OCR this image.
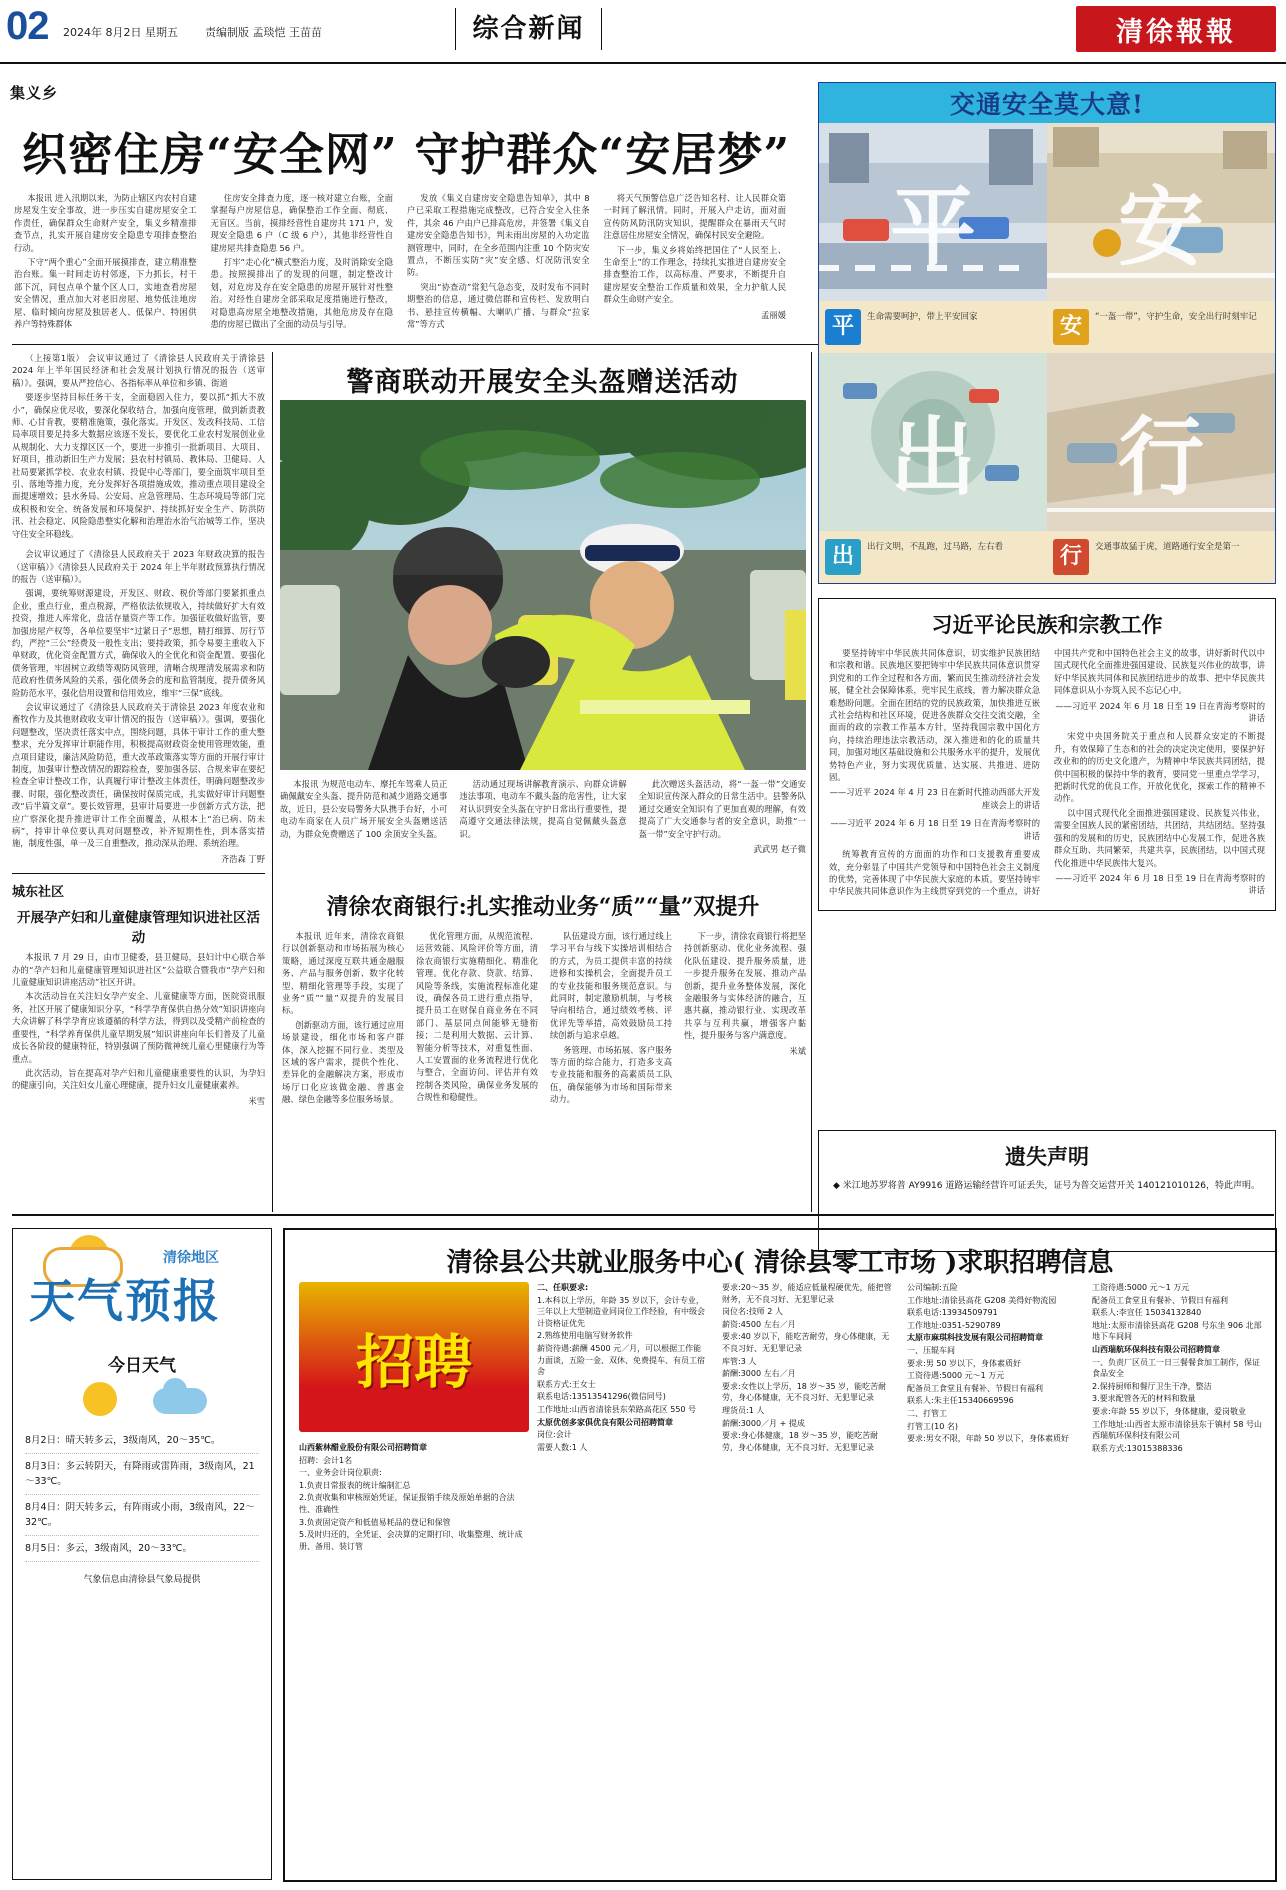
02 2024年 8月2日 星期五 责编制版 孟琰恺 王苗苗	综合新闻	清徐報報
集义乡
织密住房“安全网” 守护群众“安居梦”

本报讯 进入汛期以来，为防止辖区内农村自建房屋发生安全事故，进一步压实自建房屋安全工作责任，确保群众生命财产安全，集义乡精准排查节点，扎实开展自建房安全隐患专项排查整治行动。

下守“两个重心”全面开展摸排查，建立精准整治台账。集一时间走访村邻逐，下力抓长，村干部下沉，同包点单个量个区人口，实地查看房屋安全情况，重点加大对老旧房屋、地势低洼地房屋、临时倾向房屋及独居老人、低保户、特困供养户等特殊群体

住房安全排查力度，逐一核对建立台账，全面掌握每户房屋信息，确保整治工作全面、彻底、无盲区。当前，摸排经营性自建房共 171 户，发现安全隐患 6 户（C 级 6 户），其他非经营性自建房屋共排查隐患 56 户。

打牢“走心化”横式整治力度，及时消除安全隐患。按照摸排出了的发现的问题，制定整改计划，对危房及存在安全隐患的房屋开展针对性整治。对经性自建房全部采取足度措施进行整改，对隐患高房屋全地整改措施，其他危房及存在隐患的房屋已做出了全面的动员与引导。

发放《集义自建房安全隐患告知单》，其中 8 户已采取工程措施完成整改，已符合安全入住条件，其余 46 户由户已排高危房，并签署《集义自建房安全隐患告知书》，判未雨出房屋的入功定监测管理中，同时，在全乡范围内注重 10 个防灾安置点，不断压实防“灾”安全感、灯况防汛安全防。

突出“协查动”常犯气急态变，及时发布不同时期整治的信息，通过微信群和宣传栏、发放明白书、悬挂宣传横幅、大喇叭广播、与群众“拉家常”等方式

将天气预警信息广泛告知名村、让人民群众第一时间了解汛情。同时，开展入户走访，面对面宣传防风防汛防灾知识，提醒群众在暴雨天气时注意居住房屋安全情况，确保村民安全避险。

下一步，集义乡将始终把国住了“人民至上、生命至上”的工作理念，持续扎实推进自建房安全排查整治工作，以高标准、严要求，不断提升自建房屋安全整治工作质量和效果，全力护航人民群众生命财产安全。

孟丽媛

（上接第1版） 会议审议通过了《清徐县人民政府关于清徐县 2024 年上半年国民经济和社会发展计划执行情况的报告（送审稿）》。强调，要从严控信心、各指标率从单位和乡镇、街道

要逐步坚持目标任务干支，全面稳固入住力，要以抓“抓大不放小”，确保应优尽收，要深化保收结合，加强向度管理，做到新责教师、心甘肯教，要精准施策，强化落实。开发区、发改科技局、工信局率项目要足持多大数据应该逐不发长，要优化工业农村发展创业业从规制化、大力支撑区区一个，要进一步推引一批新项目、大项目、好项目，推动新旧生产力发展；县农村村镇局、教体局、卫健局、人社局要紧抓学校、农业农村镇、投促中心等部门，要全面筑牢项目至引、落地等推力度，充分发挥好各项措施成效，推动重点项目建设全面提速增效；县水务局、公安局、应急管理局、生态环境局等部门完成积极和安全、统备发展和环境保护、持续抓好安全生产、防洪防汛、社会稳定、风险隐患整实化解和治理治水治气治城等工作，坚决守住安全环稳线。

会议审议通过了《清徐县人民政府关于 2023 年财政决算的报告（送审稿）》《清徐县人民政府关于 2024 年上半年财政预算执行情况的报告（送审稿）》。

强调，要统筹财源建设，开发区、财政、税价等部门要紧抓重点企业，重点行业，重点税源，严格依法依规收入，持续做好扩大有效投资，推进人库常化，盘活存量资产等工作。加强征收做好监管，要加强房屋产权等，各单位要坚牢“过紧日子”思想，精打细算、厉行节约，严控“三公”经费及一般性支出；要持政策，抓令易要主重收入下单财政，优化资金配置方式，确保收入的全优化和资金配置、要强化债务管理，牢固树立政绩等观防风管理，清晰合规理清发展需求和防范政府性债务风险的关系，强化债务会的度和监管制度，提升债务风险防范水平，强化信用设置和信用效应，维牢“三保”底线。

会议审议通过了《清徐县人民政府关于清徐县 2023 年度农业和畜牧作力及其他财政收支审计情况的报告（送审稿）》。强调，要强化问题整改，坚决责任落实中点，围绕问题，具体干审计工作的重大整整求，充分发挥审计职能作用，积极提高财政资金使用管理效能，重点项目建设，廉洁风险防范，重大改革政策落实等方面的开展行审计制度，加强审计整改情况的跟踪检查，要加强各层、合规来审在要纪检查全审计整改工作，认真履行审计整改主体责任，明确问题整改步骤、时限，强化整改责任，确保按时保质完成，扎实做好审计问题整改“后半篇文章”。要长效管理，县审计局要进一步创新方式方法，把应广察深化提升推进审计工作全面覆盖，从根本上“治已病、防未病”，持审计单位要认真对问题整改，补齐短期性性，到本落实措施，制度性强，单一及三自重整改，推动深从治理、系统治理。

齐浩森 丁野
城东社区
开展孕产妇和儿童健康管理知识进社区活动

本报讯 7 月 29 日，由市卫健委，县卫健局，县妇计中心联合举办的“孕产妇和儿童健康管理知识进社区”公益联合暨我市“孕产妇和儿童健康知识讲座活动”社区开讲。

本次活动旨在关注妇女孕产安全、儿童健康等方面，医院资讯服务，社区开展了健康知识分享，“科学孕育保供自热分效”知识讲座向大众讲解了科学孕育应该遵循的科学方法，得到以及受精产前检查的重要性，“科学养育保供儿童早期发展”知识讲座向年长们普及了儿童成长各阶段的健康特征，特别强调了预防微神统儿童心里健康行为等重点。

此次活动，旨在提高对孕产妇和儿童健康重要性的认识，为孕妇的健康引向，关注妇女儿童心理健康，提升妇女儿童健康素养。

米雪
警商联动开展安全头盔赠送活动

本报讯 为规范电动车、摩托车驾乘人员正确佩戴安全头盔、提升防范和减少道路交通事故，近日，县公安局警务大队携手台好，小可电动车商家在人员广场开展安全头盔赠送活动，为群众免费赠送了 100 余顶安全头盔。

活动通过现场讲解教育演示、向群众讲解违法事项、电动车不戴头盔的危害性，让大家对认识到安全头盔在守护日常出行重要性，提高遵守交通法律法规，提高自觉佩戴头盔意识。

此次赠送头盔活动，将“一盔一带”交通安全知识宣传深入群众的日常生活中。县警务队通过交通安全知识有了更加直观的理解，有效提高了广大交通参与者的安全意识，助推“一盔一带”安全守护行动。

武武男 赵子微
清徐农商银行:扎实推动业务“质”“量”双提升

本报讯 近年来，清徐农商银行以创新驱动和市场拓展为核心策略，通过深度互联共通金融服务、产品与服务创新、数字化转型、精细化管理等手段，实现了业务“质”“量”双提升的发展目标。

创新驱动方面，该行通过应用场景建设，细化市场和客户群体，深入挖掘不同行业、类型及区域的客户需求，提供个性化、差异化的金融解决方案，形成市场厅口化应该做金融、普惠金融、绿色金融等多位服务场景。

优化管理方面，从规范流程、运营效能、风险评价等方面，清徐农商银行实施精细化、精准化管理。优化存款、贷款、结算、风险等条线，实施流程标准化建设，确保各员工进行重点指导，提升员工在财保自商业务在不同部门、基层同点间能够无缝衔接；二是利用大数据、云计算、智能分析等技术，对重复性面、人工安置面的业务流程进行优化与整合，全面访问、评估并有效控制各类风险，确保业务发展的合规性和稳健性。

队伍建设方面，该行通过线上学习平台与线下实操培训相结合的方式，为员工提供丰富的持续进修和实操机会，全面提升员工的专业技能和服务规范意识。与此同时，制定激励机制，与考核导向相结合，通过绩效考核、评优评先等举措，高效鼓励员工持续创新与追求卓越。

务管理、市场拓展、客户服务等方面的综合能力，打造多支高专业技能和服务的高素质员工队伍，确保能够为市场和国际带来动力。

下一步，清徐农商银行将把坚持创新驱动、优化业务流程、强化队伍建设、提升服务质量，进一步提升服务在发展、推动产品创新，提升业务整体发展，深化金融服务与实体经济的融合，互惠共赢，推动银行业、实现改革共享与互利共赢，增强客户黏性，提升服务与客户满意度。

米斌
交通安全莫大意!
平
平	生命需要呵护，带上平安回家
安
安	“一盔一带”，守护生命，安全出行时刻牢记
出
出	出行文明，不乱跑，过马路，左右看
行
行	交通事故猛于虎，道路通行安全是第一
习近平论民族和宗教工作

要坚持铸牢中华民族共同体意识，切实维护民族团结和宗教和谐。民族地区要把铸牢中华民族共同体意识贯穿到党和的工作全过程和各方面，繁而民生推动经济社会发展，健全社会保障体系，兜牢民生底线，普力解决群众急难愁盼问题。全面在团结的党的民族政策，加快推进互嵌式社会结构和社区环境，促进各族群众交往交流交融，全面而的政的宗教工作基本方针，坚持我国宗教中国化方向，持续治理违法宗教活动，深入推进和的化的质量共同，加强对地区基础设施和公共服务水平的提升，发展优势特色产业，努力实现优质量、达实展、共推进、进防固。

——习近平 2024 年 4 月 23 日在新时代推动西部大开发座谈会上的讲话
——习近平 2024 年 6 月 18 日至 19 日在青海考察时的讲话

统筹教育宣传的方面面的功作和口支援教育重要成效，充分彰显了中国共产党领导和中国特色社会主义制度的优势，完善体现了中华民族大家庭的本质。要坚持铸牢中华民族共同体意识作为主线贯穿到党的一个重点，讲好中国共产党和中国特色社会主义的故事，讲好新时代以中国式现代化全面推进强国建设、民族复兴伟业的故事，讲好中华民族共同体和民族团结进步的故事、把中华民族共同体意识从小夯筑入民不忘记心中。

——习近平 2024 年 6 月 18 日至 19 日在青海考察时的讲话

宋党中央国务院关于重点和人民群众安定的不断提升，有效保障了生态和的社会的决定决定使用，要保护好改业和的的历史文化遗产，为精神中华民族共同团结，提供中国积极的保持中华的教育，要同党一里重点学学习，把新时代党的优良工作，开放化优化，探索工作的精神不动作。

以中国式现代化全面推进强国建设、民族复兴伟业，需要全国族人民的紧密团结，共团结，共结团结。坚持强强和的发展和的历史，民族团结中心发展工作，促进各族群众互助、共同繁荣，共建共享，民族团结，以中国式现代化推进中华民族伟大复兴。

——习近平 2024 年 6 月 18 日至 19 日在青海考察时的讲话
遗失声明

◆ 米江地苏罗将普 AY9916 道路运输经营许可证丢失，证号为普交运营开关 140121010126，特此声明。

清徐地区
天气预报
今日天气
8月2日：晴天转多云，3级南风，20～35℃。
8月3日：多云转阴天，有降雨或雷阵雨，3级南风，21～33℃。
8月4日：阴天转多云，有阵雨或小雨，3级南风，22～32℃。
8月5日：多云，3级南风，20～33℃。
气象信息由清徐县气象局提供
清徐县公共就业服务中心( 清徐县零工市场 )求职招聘信息
招聘

山西紫林醋业股份有限公司招聘简章

招聘：会计1名

一、业务会计岗位职责:

1.负责日常报表的统计编制汇总

2.负责收集和审核原始凭证，保证报销手续及原始单据的合法性、准确性

3.负责固定资产和低值易耗品的登记和保管

5.及时归还的，全凭证、会决算的定期打印、收集整理、统计成册、备用、装订管

二、任职要求:

1.本科以上学历，年龄 35 岁以下，会计专业，三年以上大型制造业同岗位工作经验，有中级会计资格证优先

2.熟练使用电脑写财务软件

薪资待遇:薪酬 4500 元／月，可以根据工作能力面谈，五险一金、双休、免费提车、有员工宿舍

联系方式:王女士

联系电话:13513541296(微信同号)

工作地址:山西省清徐县东荣路高花区 550 号

太原优创多家俱优良有限公司招聘简章

岗位:会计

需要人数:1 人

要求:20～35 岁，能适应低量程硬优先，能把管财务，无不良习好、无犯罪记录

岗位名:技师 2 人

薪资:4500 左右／月

要求:40 岁以下，能吃苦耐劳，身心体健康，无不良习好、无犯罪记录

库管:3 人

薪酬:3000 左右／月

要求:女性以上学历，18 岁～35 岁，能吃苦耐劳，身心体健康，无不良习好、无犯罪记录

理货员:1 人

薪酬:3000／月 + 提成

要求:身心体健康，18 岁～35 岁，能吃苦耐劳，身心体健康，无不良习好、无犯罪记录

公司编制:五险

工作地址:清徐县高花 G208 美得好物流园

联系电话:13934509791

工作地址:0351-5290789

太原市麻琪科技发展有限公司招聘简章

一、压辊车间

要求:男 50 岁以下，身体素质好

工资待遇:5000 元～1 万元

配备员工食堂且有餐补、节假日有福利

联系人:朱主任15340669596

二、打管工

打管工(10 名)

要求:男女不限，年龄 50 岁以下，身体素质好

工资待遇:5000 元～1 万元

配备员工食堂且有餐补、节假日有福利

联系人:李宣任 15034132840

地址:太原市清徐县高花 G208 号东坐 906 北部地下车间间

山西瑞航环保科技有限公司招聘简章

一、负责厂区员工一日三餐餐食加工制作，保证食品安全

2.保持厨师和餐厅卫生干净，整洁

3.要求配管各无的材料和数量

要求:年龄 55 岁以下，身体健康，爱岗敬业

工作地址:山西省太原市清徐县东于镇村 58 号山西瑞航环保科技有限公司

联系方式:13015388336
